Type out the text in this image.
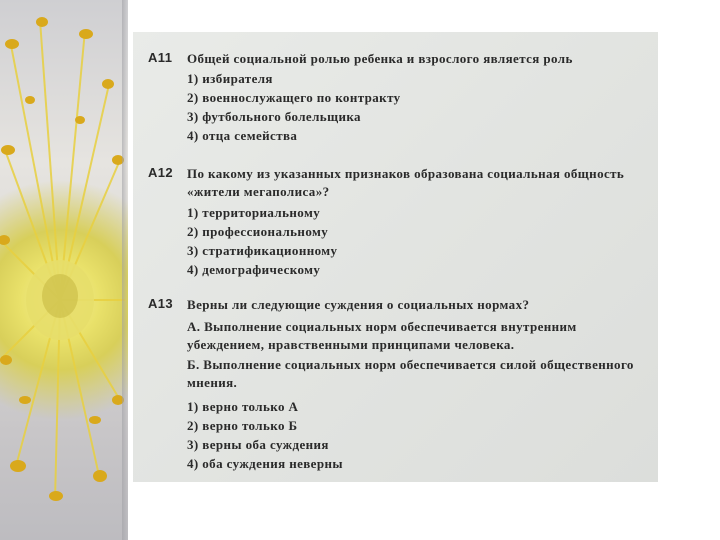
A11 Общей социальной ролью ребенка и взрослого является роль
1) избирателя
2) военнослужащего по контракту
3) футбольного болельщика
4) отца семейства
A12 По какому из указанных признаков образована социальная общность «жители мегаполиса»?
1) территориальному
2) профессиональному
3) стратификационному
4) демографическому
A13 Верны ли следующие суждения о социальных нормах?
А. Выполнение социальных норм обеспечивается внутренним убеждением, нравственными принципами человека.
Б. Выполнение социальных норм обеспечивается силой общественного мнения.
1) верно только А
2) верно только Б
3) верны оба суждения
4) оба суждения неверны
